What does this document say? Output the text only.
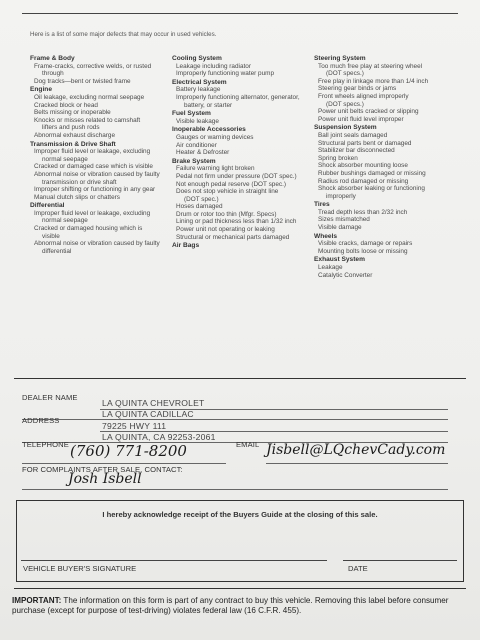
Here is a list of some major defects that may occur in used vehicles.
Frame & Body
Frame-cracks, corrective welds, or rusted
through
Dog tracks—bent or twisted frame
Engine
Oil leakage, excluding normal seepage
Cracked block or head
Belts missing or inoperable
Knocks or misses related to camshaft
lifters and push rods
Abnormal exhaust discharge
Transmission & Drive Shaft
Improper fluid level or leakage, excluding
normal seepage
Cracked or damaged case which is visible
Abnormal noise or vibration caused by faulty
transmission or drive shaft
Improper shifting or functioning in any gear
Manual clutch slips or chatters
Differential
Improper fluid level or leakage, excluding
normal seepage
Cracked or damaged housing which is
visible
Abnormal noise or vibration caused by faulty
differential
Cooling System
Leakage including radiator
Improperly functioning water pump
Electrical System
Battery leakage
Improperly functioning alternator, generator,
battery, or starter
Fuel System
Visible leakage
Inoperable Accessories
Gauges or warning devices
Air conditioner
Heater & Defroster
Brake System
Failure warning light broken
Pedal not firm under pressure (DOT spec.)
Not enough pedal reserve (DOT spec.)
Does not stop vehicle in straight line
(DOT spec.)
Hoses damaged
Drum or rotor too thin (Mfgr. Specs)
Lining or pad thickness less than 1/32 inch
Power unit not operating or leaking
Structural or mechanical parts damaged
Air Bags
Steering System
Too much free play at steering wheel
(DOT specs.)
Free play in linkage more than 1/4 inch
Steering gear binds or jams
Front wheels aligned improperly
(DOT specs.)
Power unit belts cracked or slipping
Power unit fluid level improper
Suspension System
Ball joint seals damaged
Structural parts bent or damaged
Stabilizer bar disconnected
Spring broken
Shock absorber mounting loose
Rubber bushings damaged or missing
Radius rod damaged or missing
Shock absorber leaking or functioning
improperly
Tires
Tread depth less than 2/32 inch
Sizes mismatched
Visible damage
Wheels
Visible cracks, damage or repairs
Mounting bolts loose or missing
Exhaust System
Leakage
Catalytic Converter
DEALER NAME
LA QUINTA CHEVROLET
LA QUINTA CADILLAC
ADDRESS
79225 HWY 111
LA QUINTA, CA 92253-2061
TELEPHONE (760) 771-8200	EMAIL Jisbell@LQchevCady.com
FOR COMPLAINTS AFTER SALE, CONTACT:
Josh Isbell
I hereby acknowledge receipt of the Buyers Guide at the closing of this sale.
VEHICLE BUYER'S SIGNATURE	DATE
IMPORTANT: The information on this form is part of any contract to buy this vehicle. Removing this label before consumer purchase (except for purpose of test-driving) violates federal law (16 C.F.R. 455).
